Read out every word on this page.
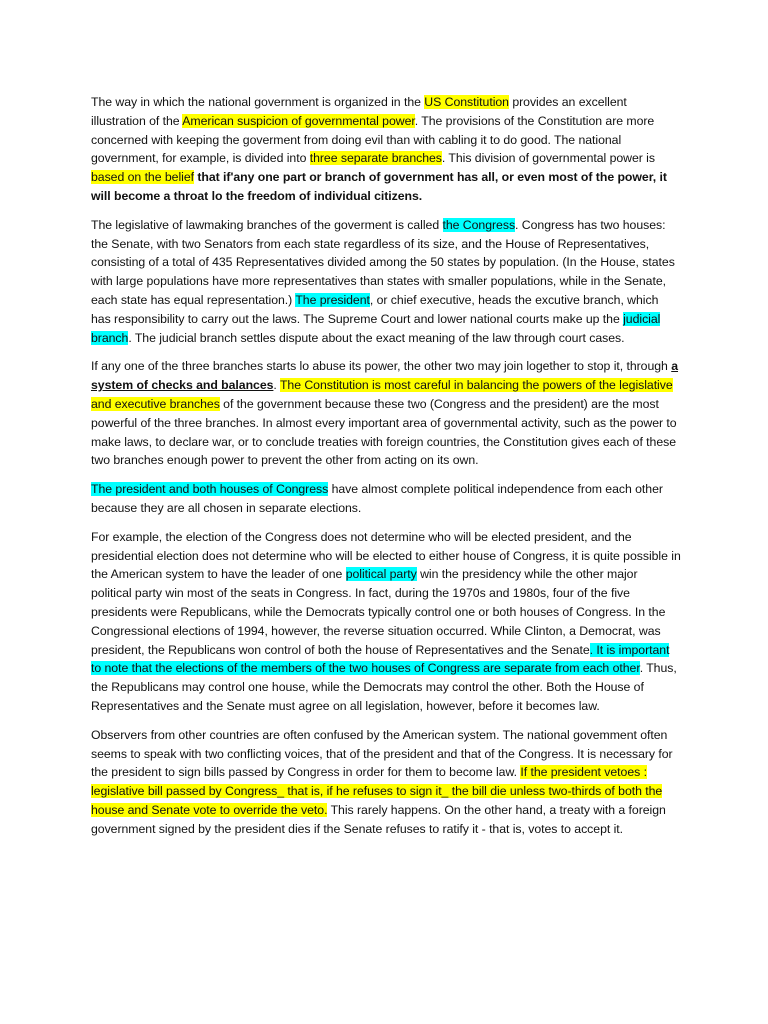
The way in which the national government is organized in the US Constitution provides an excellent illustration of the American suspicion of governmental power. The provisions of the Constitution are more concerned with keeping the goverment from doing evil than with cabling it to do good. The national government, for example, is divided into three separate branches. This division of governmental power is based on the belief that if'any one part or branch of government has all, or even most of the power, it will become a throat lo the freedom of individual citizens.

The legislative of lawmaking branches of the goverment is called the Congress. Congress has two houses: the Senate, with two Senators from each state regardless of its size, and the House of Representatives, consisting of a total of 435 Representatives divided among the 50 states by population. (In the House, states with large populations have more representatives than states with smaller populations, while in the Senate, each state has equal representation.) The president, or chief executive, heads the excutive branch, which has responsibility to carry out the laws. The Supreme Court and lower national courts make up the judicial branch. The judicial branch settles dispute about the exact meaning of the law through court cases.

If any one of the three branches starts lo abuse its power, the other two may join logether to stop it, through a system of checks and balances. The Constitution is most careful in balancing the powers of the legislative and executive branches of the government because these two (Congress and the president) are the most powerful of the three branches. In almost every important area of governmental activity, such as the power to make laws, to declare war, or to conclude treaties with foreign countries, the Constitution gives each of these two branches enough power to prevent the other from acting on its own.

The president and both houses of Congress have almost complete political independence from each other because they are all chosen in separate elections.

For example, the election of the Congress does not determine who will be elected president, and the presidential election does not determine who will be elected to either house of Congress, it is quite possible in the American system to have the leader of one political party win the presidency while the other major political party win most of the seats in Congress. In fact, during the 1970s and 1980s, four of the five presidents were Republicans, while the Democrats typically control one or both houses of Congress. In the Congressional elections of 1994, however, the reverse situation occurred. While Clinton, a Democrat, was president, the Republicans won control of both the house of Representatives and the Senate. It is important to note that the elections of the members of the two houses of Congress are separate from each other. Thus, the Republicans may control one house, while the Democrats may control the other. Both the House of Representatives and the Senate must agree on all legislation, however, before it becomes law.

Observers from other countries are often confused by the American system. The national govemment often seems to speak with two conflicting voices, that of the president and that of the Congress. It is necessary for the president to sign bills passed by Congress in order for them to become law. If the president vetoes : legislative bill passed by Congress_ that is, if he refuses to sign it_ the bill die unless two-thirds of both the house and Senate vote to override the veto. This rarely happens. On the other hand, a treaty with a foreign government signed by the president dies if the Senate refuses to ratify it - that is, votes to accept it.
